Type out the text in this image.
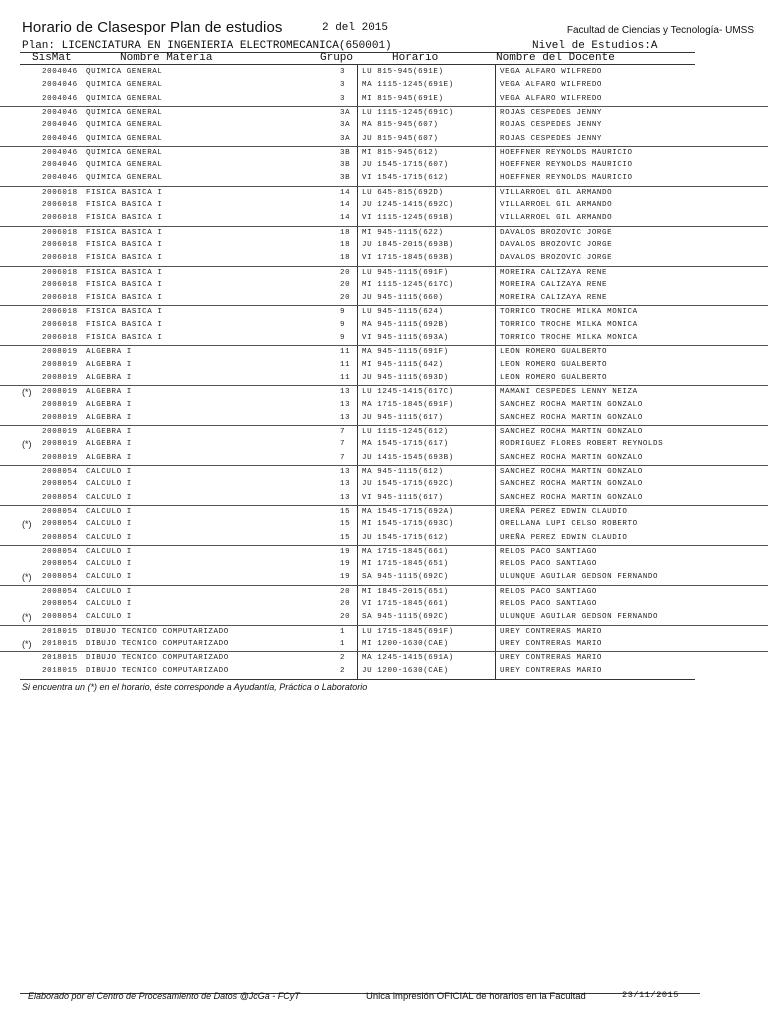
Horario de Clasespor Plan de estudios	2 del 2015	Facultad de Ciencias y Tecnología- UMSS
Plan: LICENCIATURA EN INGENIERIA ELECTROMECANICA(650001)	Nivel de Estudios:A
SisMat	Nombre Materia	Grupo	Horario	Nombre del Docente
2004046 QUIMICA GENERAL	3 LU 815-945(691E)	VEGA ALFARO WILFREDO
2004046 QUIMICA GENERAL	3 MA 1115-1245(691E)	VEGA ALFARO WILFREDO
2004046 QUIMICA GENERAL	3 MI 815-945(691E)	VEGA ALFARO WILFREDO
2004046 QUIMICA GENERAL	3A LU 1115-1245(691C)	ROJAS CESPEDES JENNY
2004046 QUIMICA GENERAL	3A MA 815-945(607)	ROJAS CESPEDES JENNY
2004046 QUIMICA GENERAL	3A JU 815-945(607)	ROJAS CESPEDES JENNY
2004046 QUIMICA GENERAL	3B MI 815-945(612)	HOEFFNER REYNOLDS MAURICIO
2004046 QUIMICA GENERAL	3B JU 1545-1715(607)	HOEFFNER REYNOLDS MAURICIO
2004046 QUIMICA GENERAL	3B VI 1545-1715(612)	HOEFFNER REYNOLDS MAURICIO
2006018 FISICA BASICA I	14 LU 645-815(692D)	VILLARROEL GIL ARMANDO
2006018 FISICA BASICA I	14 JU 1245-1415(692C)	VILLARROEL GIL ARMANDO
2006018 FISICA BASICA I	14 VI 1115-1245(691B)	VILLARROEL GIL ARMANDO
2006018 FISICA BASICA I	18 MI 945-1115(622)	DAVALOS BROZOVIC JORGE
2006018 FISICA BASICA I	18 JU 1845-2015(693B)	DAVALOS BROZOVIC JORGE
2006018 FISICA BASICA I	18 VI 1715-1845(693B)	DAVALOS BROZOVIC JORGE
2006018 FISICA BASICA I	20 LU 945-1115(691F)	MOREIRA CALIZAYA RENE
2006018 FISICA BASICA I	20 MI 1115-1245(617C)	MOREIRA CALIZAYA RENE
2006018 FISICA BASICA I	20 JU 945-1115(660)	MOREIRA CALIZAYA RENE
2006018 FISICA BASICA I	9 LU 945-1115(624)	TORRICO TROCHE MILKA MONICA
2006018 FISICA BASICA I	9 MA 945-1115(692B)	TORRICO TROCHE MILKA MONICA
2006018 FISICA BASICA I	9 VI 945-1115(693A)	TORRICO TROCHE MILKA MONICA
2008019 ALGEBRA I	11 MA 945-1115(691F)	LEON ROMERO GUALBERTO
2008019 ALGEBRA I	11 MI 945-1115(642)	LEON ROMERO GUALBERTO
2008019 ALGEBRA I	11 JU 945-1115(693D)	LEON ROMERO GUALBERTO
(*) 2008019 ALGEBRA I	13 LU 1245-1415(617C)	MAMANI CESPEDES LENNY NEIZA
2008019 ALGEBRA I	13 MA 1715-1845(691F)	SANCHEZ ROCHA MARTIN GONZALO
2008019 ALGEBRA I	13 JU 945-1115(617)	SANCHEZ ROCHA MARTIN GONZALO
2008019 ALGEBRA I	7 LU 1115-1245(612)	SANCHEZ ROCHA MARTIN GONZALO
(*) 2008019 ALGEBRA I	7 MA 1545-1715(617)	RODRIGUEZ FLORES ROBERT REYNOLDS
2008019 ALGEBRA I	7 JU 1415-1545(693B)	SANCHEZ ROCHA MARTIN GONZALO
2008054 CALCULO I	13 MA 945-1115(612)	SANCHEZ ROCHA MARTIN GONZALO
2008054 CALCULO I	13 JU 1545-1715(692C)	SANCHEZ ROCHA MARTIN GONZALO
2008054 CALCULO I	13 VI 945-1115(617)	SANCHEZ ROCHA MARTIN GONZALO
2008054 CALCULO I	15 MA 1545-1715(692A)	UREÑA PEREZ EDWIN CLAUDIO
(*) 2008054 CALCULO I	15 MI 1545-1715(693C)	ORELLANA LUPI CELSO ROBERTO
2008054 CALCULO I	15 JU 1545-1715(612)	UREÑA PEREZ EDWIN CLAUDIO
2008054 CALCULO I	19 MA 1715-1845(661)	RELOS PACO SANTIAGO
2008054 CALCULO I	19 MI 1715-1845(651)	RELOS PACO SANTIAGO
(*) 2008054 CALCULO I	19 SA 945-1115(692C)	ULUNQUE AGUILAR GEDSON FERNANDO
2008054 CALCULO I	20 MI 1845-2015(651)	RELOS PACO SANTIAGO
2008054 CALCULO I	20 VI 1715-1845(661)	RELOS PACO SANTIAGO
(*) 2008054 CALCULO I	20 SA 945-1115(692C)	ULUNQUE AGUILAR GEDSON FERNANDO
2018015 DIBUJO TECNICO COMPUTARIZADO	1 LU 1715-1845(691F)	UREY CONTRERAS MARIO
(*) 2018015 DIBUJO TECNICO COMPUTARIZADO	1 MI 1200-1630(CAE)	UREY CONTRERAS MARIO
2018015 DIBUJO TECNICO COMPUTARIZADO	2 MA 1245-1415(691A)	UREY CONTRERAS MARIO
2018015 DIBUJO TECNICO COMPUTARIZADO	2 JU 1200-1630(CAE)	UREY CONTRERAS MARIO
Si encuentra un (*) en el horario, éste corresponde a Ayudantía, Práctica o Laboratorio
Elaborado por el Centro de Procesamiento de Datos @JcGa - FCyT	Unica impresión OFICIAL de horarios en la Facultad	23/11/2015
